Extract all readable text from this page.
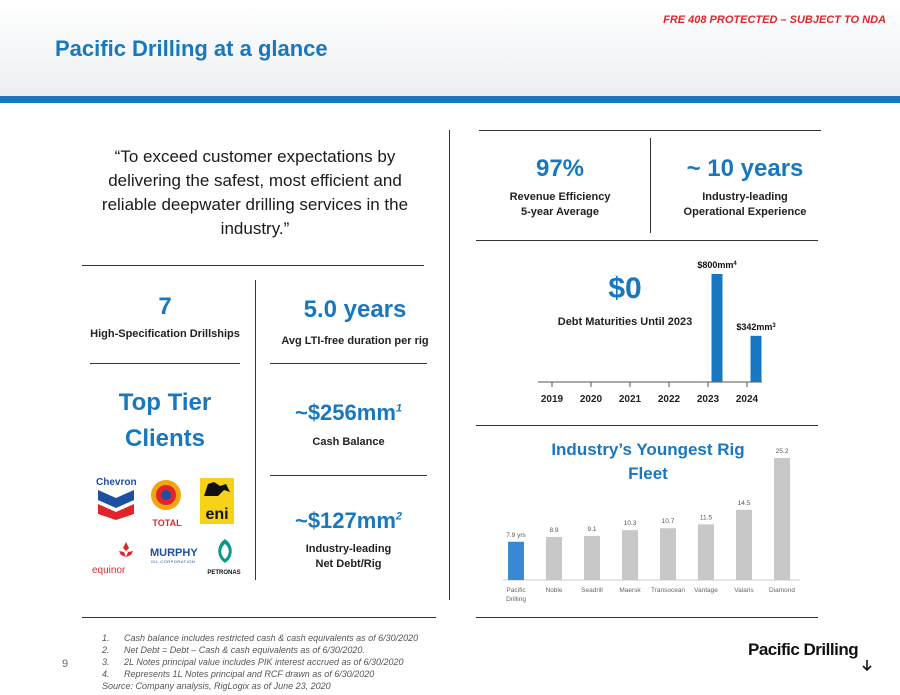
FRE 408 PROTECTED – SUBJECT TO NDA
Pacific Drilling at a glance
“To exceed customer expectations by delivering the safest, most efficient and reliable deepwater drilling services in the industry.”
7
High-Specification Drillships
5.0 years
Avg LTI-free duration per rig
Top Tier
Clients
Chevron
TOTAL	eni
equinor
MURPHY
OIL CORPORATION
PETRONAS
$\sim\$256mm^1$
Cash Balance
$\sim\$127mm^2$
Industry-leading
Net Debt/Rig
97%
Revenue Efficiency
5-year Average
~ 10 years
Industry-leading
Operational Experience
$0
Debt Maturities Until 2023
2019 2020 2021 2022 2023
$\$800mm^4$
2024
$\$342mm^3$
Industry’s Youngest Rig Fleet
7.9 yrs
Pacific Drilling
8.9
Noble
9.1
Seadrill
10.3
Maersk
10.7
Transocean
11.5
Vantage
14.5
Valaris
25.2
Diamond
1. Cash balance includes restricted cash & cash equivalents as of 6/30/2020
2. Net Debt = Debt – Cash & cash equivalents as of 6/30/2020.
3. 2L Notes principal value includes PIK interest accrued as of 6/30/2020
4. Represents 1L Notes principal and RCF drawn as of 6/30/2020
Source: Company analysis, RigLogix as of June 23, 2020
9
Pacific Drilling
